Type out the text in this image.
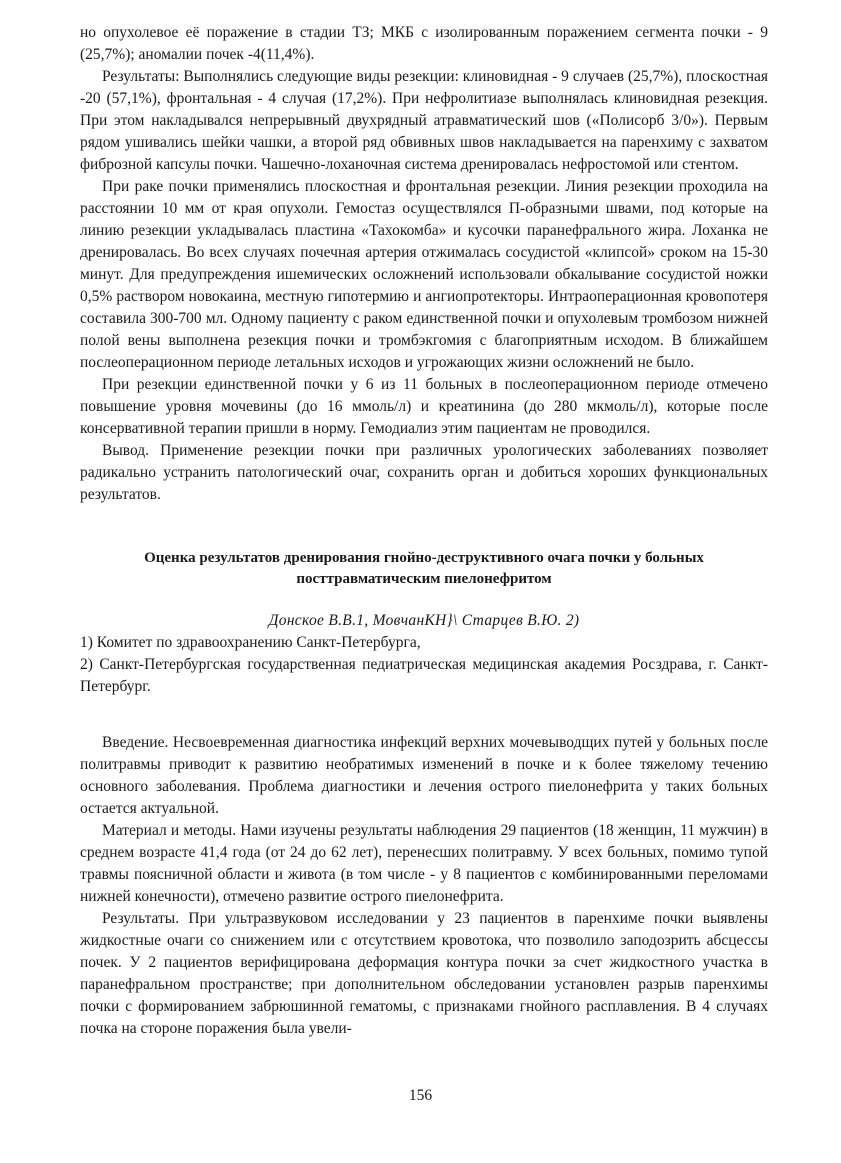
но опухолевое её поражение в стадии ТЗ; МКБ с изолированным поражением сегмента почки - 9 (25,7%); аномалии почек -4(11,4%).

Результаты: Выполнялись следующие виды резекции: клиновидная - 9 случаев (25,7%), плоскостная -20 (57,1%), фронтальная - 4 случая (17,2%). При нефролитиазе выполнялась клиновидная резекция. При этом накладывался непрерывный двухрядный атравматический шов («Полисорб 3/0»). Первым рядом ушивались шейки чашки, а второй ряд обвивных швов накладывается на паренхиму с захватом фиброзной капсулы почки. Чашечно-лоханочная система дренировалась нефростомой или стентом.

При раке почки применялись плоскостная и фронтальная резекции. Линия резекции проходила на расстоянии 10 мм от края опухоли. Гемостаз осуществлялся П-образными швами, под которые на линию резекции укладывалась пластина «Тахокомба» и кусочки паранефрального жира. Лоханка не дренировалась. Во всех случаях почечная артерия отжималась сосудистой «клипсой» сроком на 15-30 минут. Для предупреждения ишемических осложнений использовали обкалывание сосудистой ножки 0,5% раствором новокаина, местную гипотермию и ангиопротекторы. Интраоперационная кровопотеря составила 300-700 мл. Одному пациенту с раком единственной почки и опухолевым тромбозом нижней полой вены выполнена резекция почки и тромбэкгомия с благоприятным исходом. В ближайшем послеоперационном периоде летальных исходов и угрожающих жизни осложнений не было.

При резекции единственной почки у 6 из 11 больных в послеоперационном периоде отмечено повышение уровня мочевины (до 16 ммоль/л) и креатинина (до 280 мкмоль/л), которые после консервативной терапии пришли в норму. Гемодиализ этим пациентам не проводился.

Вывод. Применение резекции почки при различных урологических заболеваниях позволяет радикально устранить патологический очаг, сохранить орган и добиться хороших функциональных результатов.

Оценка результатов дренирования гнойно-деструктивного очага почки у больных

посттравматическим пиелонефритом

Донское В.В.1, МовчанКН}\ Старцев В.Ю. 2)

1) Комитет по здравоохранению Санкт-Петербурга,

2) Санкт-Петербургская государственная педиатрическая медицинская академия Росздрава, г. Санкт-Петербург.

Введение. Несвоевременная диагностика инфекций верхних мочевыводщих путей у больных после политравмы приводит к развитию необратимых изменений в почке и к более тяжелому течению основного заболевания. Проблема диагностики и лечения острого пиелонефрита у таких больных остается актуальной.

Материал и методы. Нами изучены результаты наблюдения 29 пациентов (18 женщин, 11 мужчин) в среднем возрасте 41,4 года (от 24 до 62 лет), перенесших политравму. У всех больных, помимо тупой травмы поясничной области и живота (в том числе - у 8 пациентов с комбинированными переломами нижней конечности), отмечено развитие острого пиелонефрита.

Результаты. При ультразвуковом исследовании у 23 пациентов в паренхиме почки выявлены жидкостные очаги со снижением или с отсутствием кровотока, что позволило заподозрить абсцессы почек. У 2 пациентов верифицирована деформация контура почки за счет жидкостного участка в паранефральном пространстве; при дополнительном обследовании установлен разрыв паренхимы почки с формированием забрюшинной гематомы, с признаками гнойного расплавления. В 4 случаях почка на стороне поражения была увели-

156
